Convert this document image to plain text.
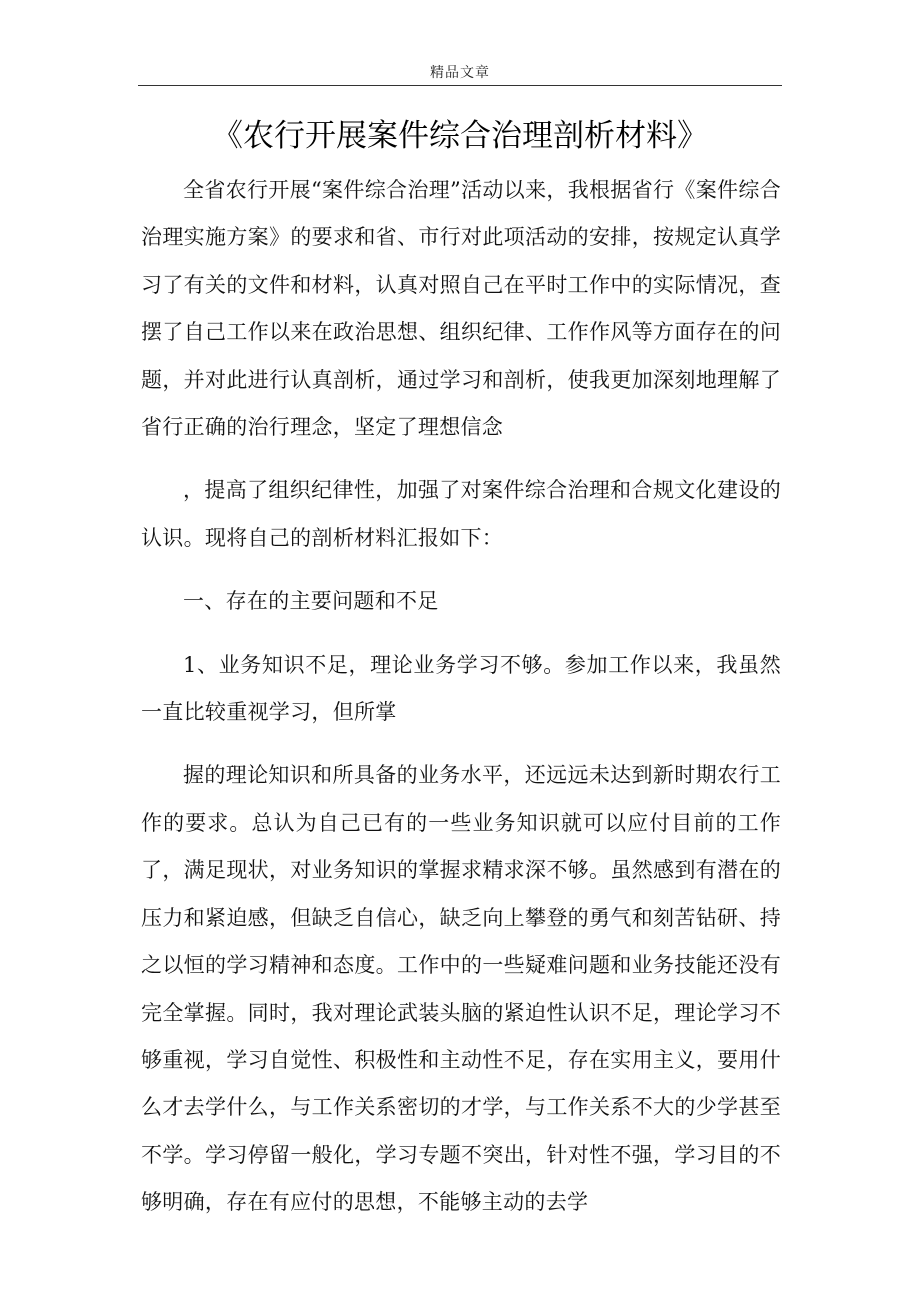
精品文章
《农行开展案件综合治理剖析材料》

全省农行开展“案件综合治理”活动以来，我根据省行《案件综合治理实施方案》的要求和省、市行对此项活动的安排，按规定认真学习了有关的文件和材料，认真对照自己在平时工作中的实际情况，查摆了自己工作以来在政治思想、组织纪律、工作作风等方面存在的问题，并对此进行认真剖析，通过学习和剖析，使我更加深刻地理解了省行正确的治行理念，坚定了理想信念

，提高了组织纪律性，加强了对案件综合治理和合规文化建设的认识。现将自己的剖析材料汇报如下：

一、存在的主要问题和不足

1、业务知识不足，理论业务学习不够。参加工作以来，我虽然一直比较重视学习，但所掌

握的理论知识和所具备的业务水平，还远远未达到新时期农行工作的要求。总认为自己已有的一些业务知识就可以应付目前的工作了，满足现状，对业务知识的掌握求精求深不够。虽然感到有潜在的压力和紧迫感，但缺乏自信心，缺乏向上攀登的勇气和刻苦钻研、持之以恒的学习精神和态度。工作中的一些疑难问题和业务技能还没有完全掌握。同时，我对理论武装头脑的紧迫性认识不足，理论学习不够重视，学习自觉性、积极性和主动性不足，存在实用主义，要用什么才去学什么，与工作关系密切的才学，与工作关系不大的少学甚至不学。学习停留一般化，学习专题不突出，针对性不强，学习目的不够明确，存在有应付的思想，不能够主动的去学
